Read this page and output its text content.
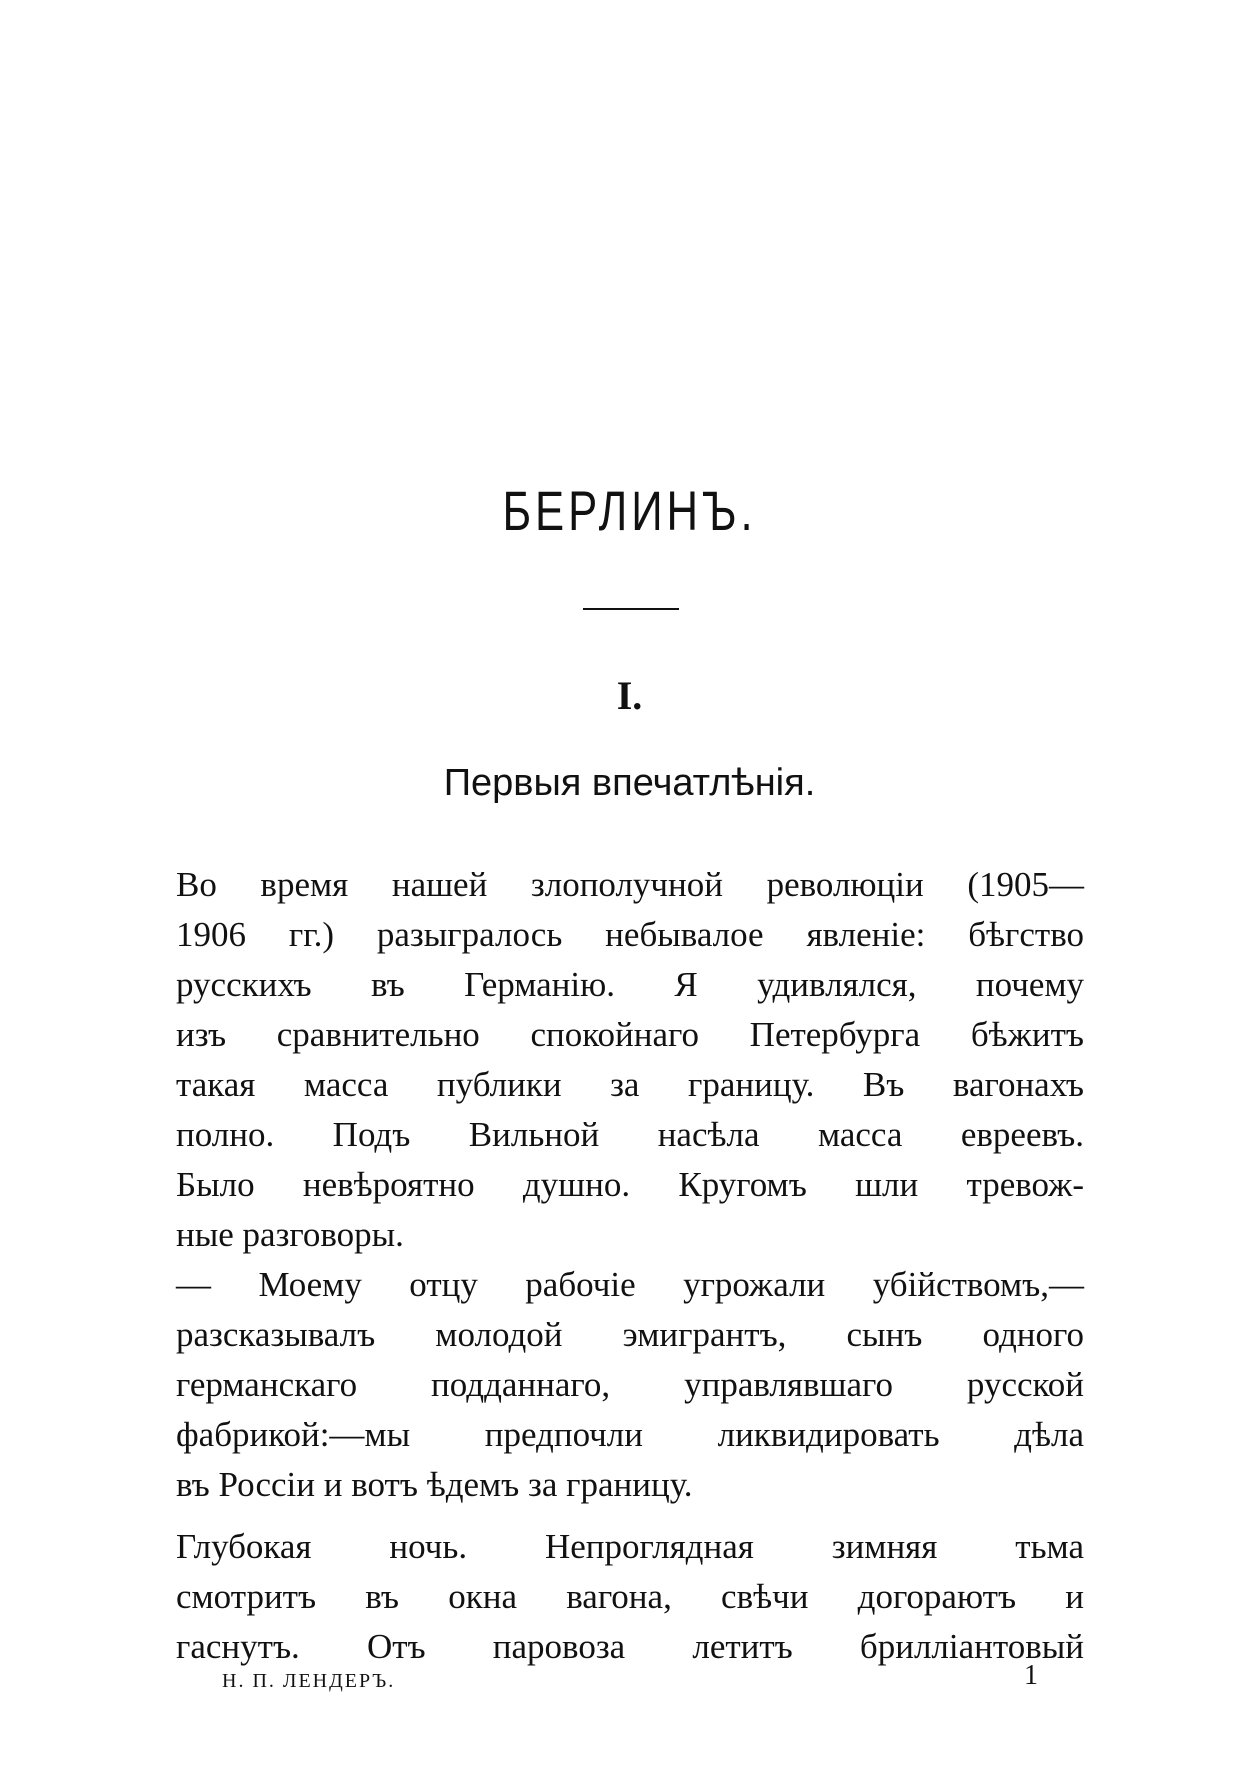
БЕРЛИНЪ.
I.
Первыя впечатлѣнія.
Во время нашей злополучной революціи (1905—
1906 гг.) разыгралось небывалое явленіе: бѣгство
русскихъ въ Германію. Я удивлялся, почему
изъ сравнительно спокойнаго Петербурга бѣжитъ
такая масса публики за границу. Въ вагонахъ
полно. Подъ Вильной насѣла масса евреевъ.
Было невѣроятно душно. Кругомъ шли тревож-
ные разговоры.
— Моему отцу рабочіе угрожали убійствомъ,—
разсказывалъ молодой эмигрантъ, сынъ одного
германскаго подданнаго, управлявшаго русской
фабрикой:—мы предпочли ликвидировать дѣла
въ Россіи и вотъ ѣдемъ за границу.
Глубокая ночь. Непроглядная зимняя тьма
смотритъ въ окна вагона, свѣчи догораютъ и
гаснутъ. Отъ паровоза летитъ брилліантовый
Н. П. ЛЕНДЕРЪ.	1
